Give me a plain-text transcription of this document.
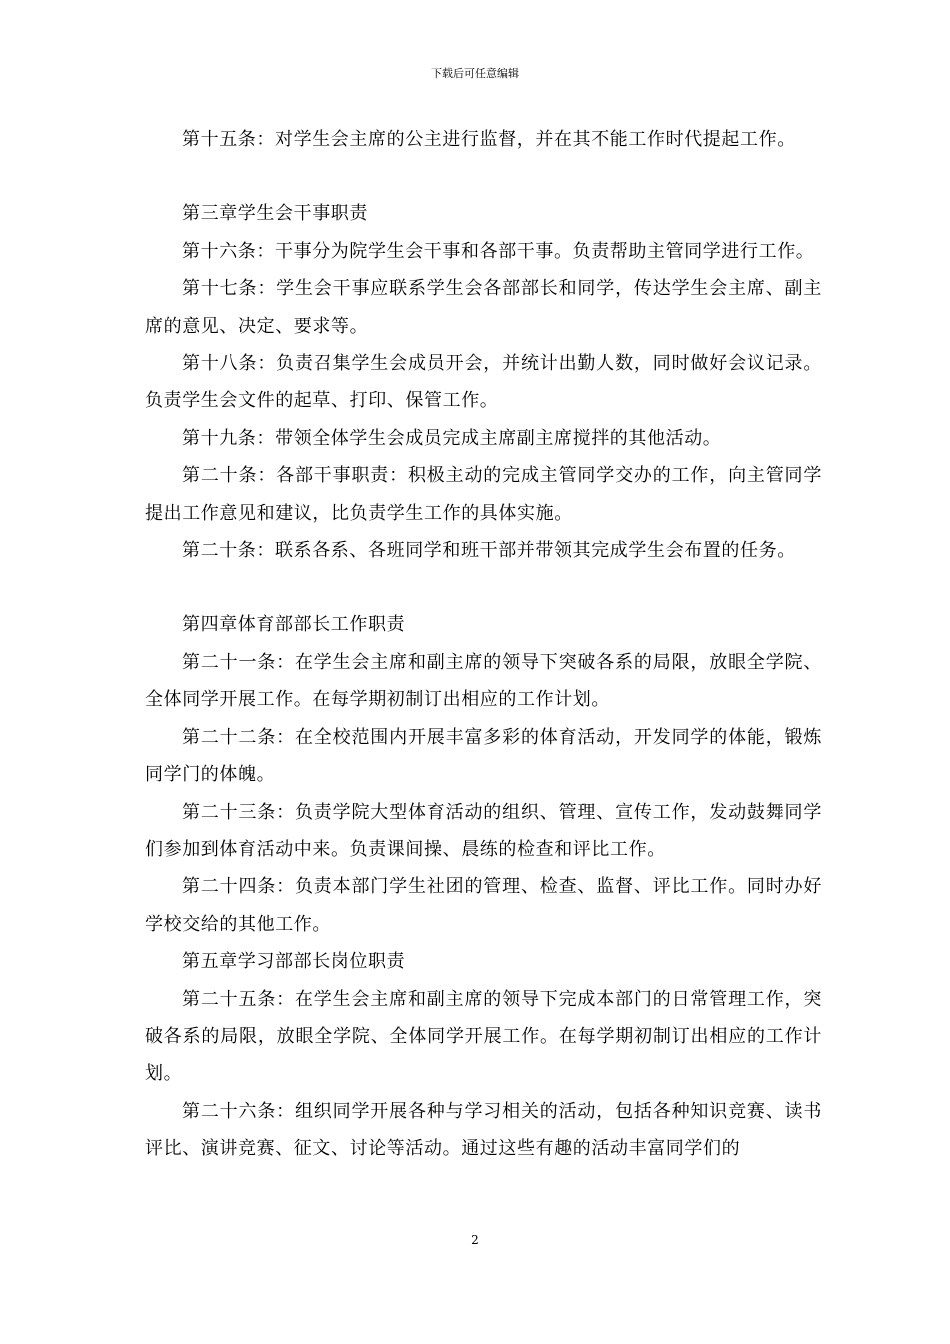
下载后可任意编辑

第十五条：对学生会主席的公主进行监督，并在其不能工作时代提起工作。

第三章学生会干事职责

第十六条：干事分为院学生会干事和各部干事。负责帮助主管同学进行工作。

第十七条：学生会干事应联系学生会各部部长和同学，传达学生会主席、副主席的意见、决定、要求等。

第十八条：负责召集学生会成员开会，并统计出勤人数，同时做好会议记录。负责学生会文件的起草、打印、保管工作。

第十九条：带领全体学生会成员完成主席副主席搅拌的其他活动。

第二十条：各部干事职责：积极主动的完成主管同学交办的工作，向主管同学提出工作意见和建议，比负责学生工作的具体实施。

第二十条：联系各系、各班同学和班干部并带领其完成学生会布置的任务。

第四章体育部部长工作职责

第二十一条：在学生会主席和副主席的领导下突破各系的局限，放眼全学院、全体同学开展工作。在每学期初制订出相应的工作计划。

第二十二条：在全校范围内开展丰富多彩的体育活动，开发同学的体能，锻炼同学门的体魄。

第二十三条：负责学院大型体育活动的组织、管理、宣传工作，发动鼓舞同学们参加到体育活动中来。负责课间操、晨练的检查和评比工作。

第二十四条：负责本部门学生社团的管理、检查、监督、评比工作。同时办好学校交给的其他工作。

第五章学习部部长岗位职责

第二十五条：在学生会主席和副主席的领导下完成本部门的日常管理工作，突破各系的局限，放眼全学院、全体同学开展工作。在每学期初制订出相应的工作计划。

第二十六条：组织同学开展各种与学习相关的活动，包括各种知识竞赛、读书评比、演讲竞赛、征文、讨论等活动。通过这些有趣的活动丰富同学们的

2
